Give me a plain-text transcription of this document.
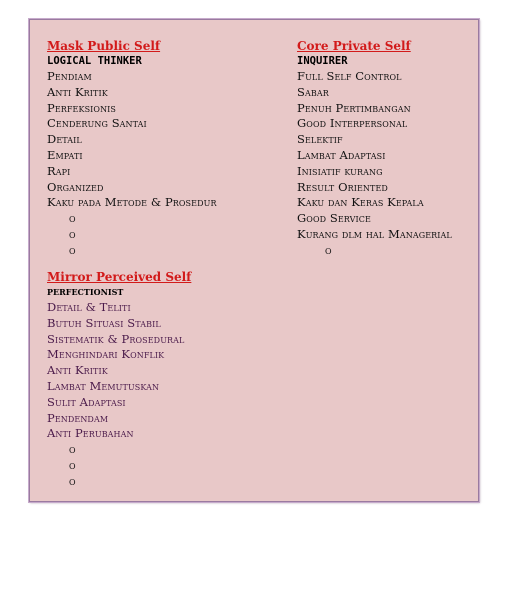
Mask Public Self
LOGICAL THINKER
Pendiam
Anti Kritik
Perfeksionis
Cenderung Santai
Detail
Empati
Rapi
Organized
Kaku pada Metode & Prosedur
o
o
o
Core Private Self
INQUIRER
Full Self Control
Sabar
Penuh Pertimbangan
Good Interpersonal
Selektif
Lambat Adaptasi
Inisiatif kurang
Result Oriented
Kaku dan Keras Kepala
Good Service
Kurang dlm hal Managerial
o
Mirror Perceived Self
PERFECTIONIST
Detail & Teliti
Butuh Situasi Stabil
Sistematik & Prosedural
Menghindari Konflik
Anti Kritik
Lambat Memutuskan
Sulit Adaptasi
Pendendam
Anti Perubahan
o
o
o
